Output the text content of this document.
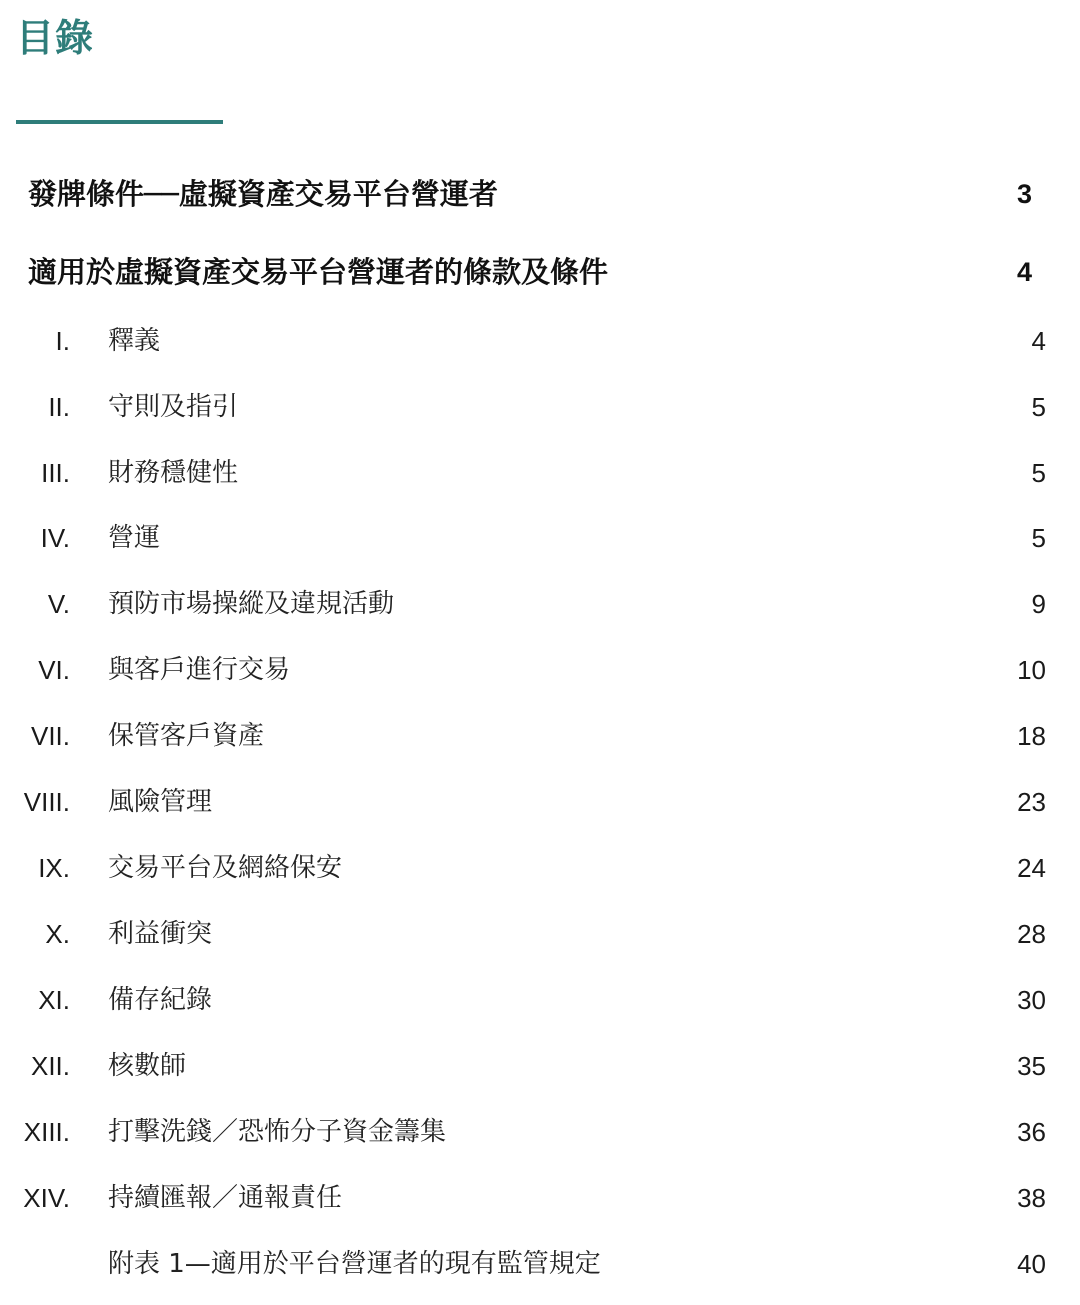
目錄
發牌條件──虛擬資產交易平台營運者	3
適用於虛擬資產交易平台營運者的條款及條件	4
I. 釋義	4
II. 守則及指引	5
III. 財務穩健性	5
IV. 營運	5
V. 預防市場操縱及違規活動	9
VI. 與客戶進行交易	10
VII. 保管客戶資產	18
VIII. 風險管理	23
IX. 交易平台及網絡保安	24
X. 利益衝突	28
XI. 備存紀錄	30
XII. 核數師	35
XIII. 打擊洗錢／恐怖分子資金籌集	36
XIV. 持續匯報／通報責任	38
附表 1—適用於平台營運者的現有監管規定	40
